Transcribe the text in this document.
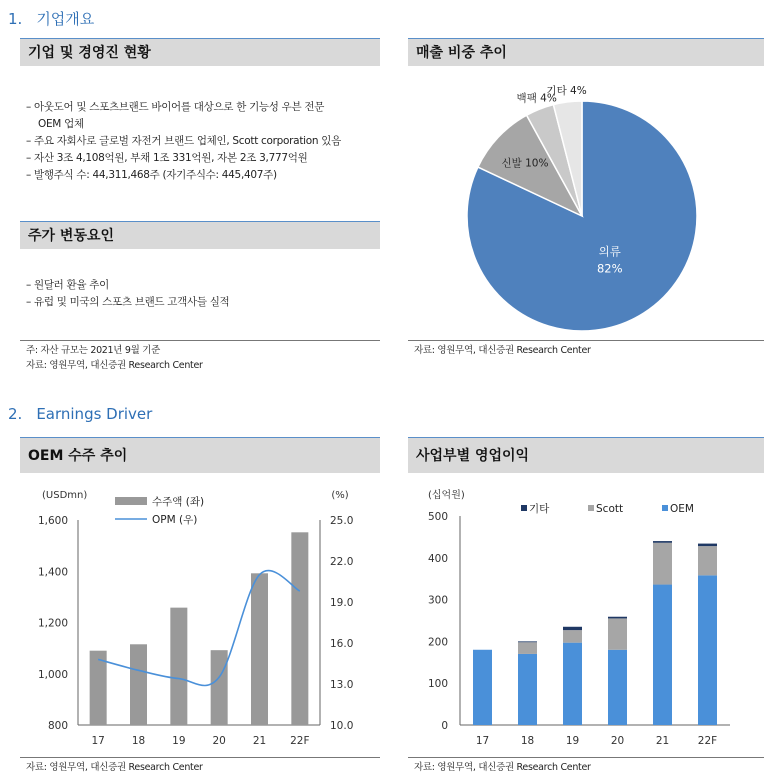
1. 기업개요
기업 및 경영진 현황
– 아웃도어 및 스포츠브랜드 바이어를 대상으로 한 기능성 우븐 전문
OEM 업체
– 주요 자회사로 글로벌 자전거 브랜드 업체인, Scott corporation 있음
– 자산 3조 4,108억원, 부채 1조 331억원, 자본 2조 3,777억원
– 발행주식 수: 44,311,468주 (자기주식수: 445,407주)
주가 변동요인
– 원달러 환율 추이
– 유럽 및 미국의 스포츠 브랜드 고객사들 실적
주: 자산 규모는 2021년 9월 기준
자료: 영원무역, 대신증권 Research Center
매출 비중 추이
의류
82%
신발 10%
백팩 4%
기타 4%
자료: 영원무역, 대신증권 Research Center
2. Earnings Driver
OEM 수주 추이
(USDmn)	(%)
1,600
1,400
1,200
1,000
800
25.0
22.0
19.0
16.0
13.0
10.0
17	18	19	20	21 22F
수주액 (좌)
OPM (우)
자료: 영원무역, 대신증권 Research Center
사업부별 영업이익
(십억원)
500
400
300
200
100
0
17	18	19	20	21	22F
기타	Scott	OEM
자료: 영원무역, 대신증권 Research Center
